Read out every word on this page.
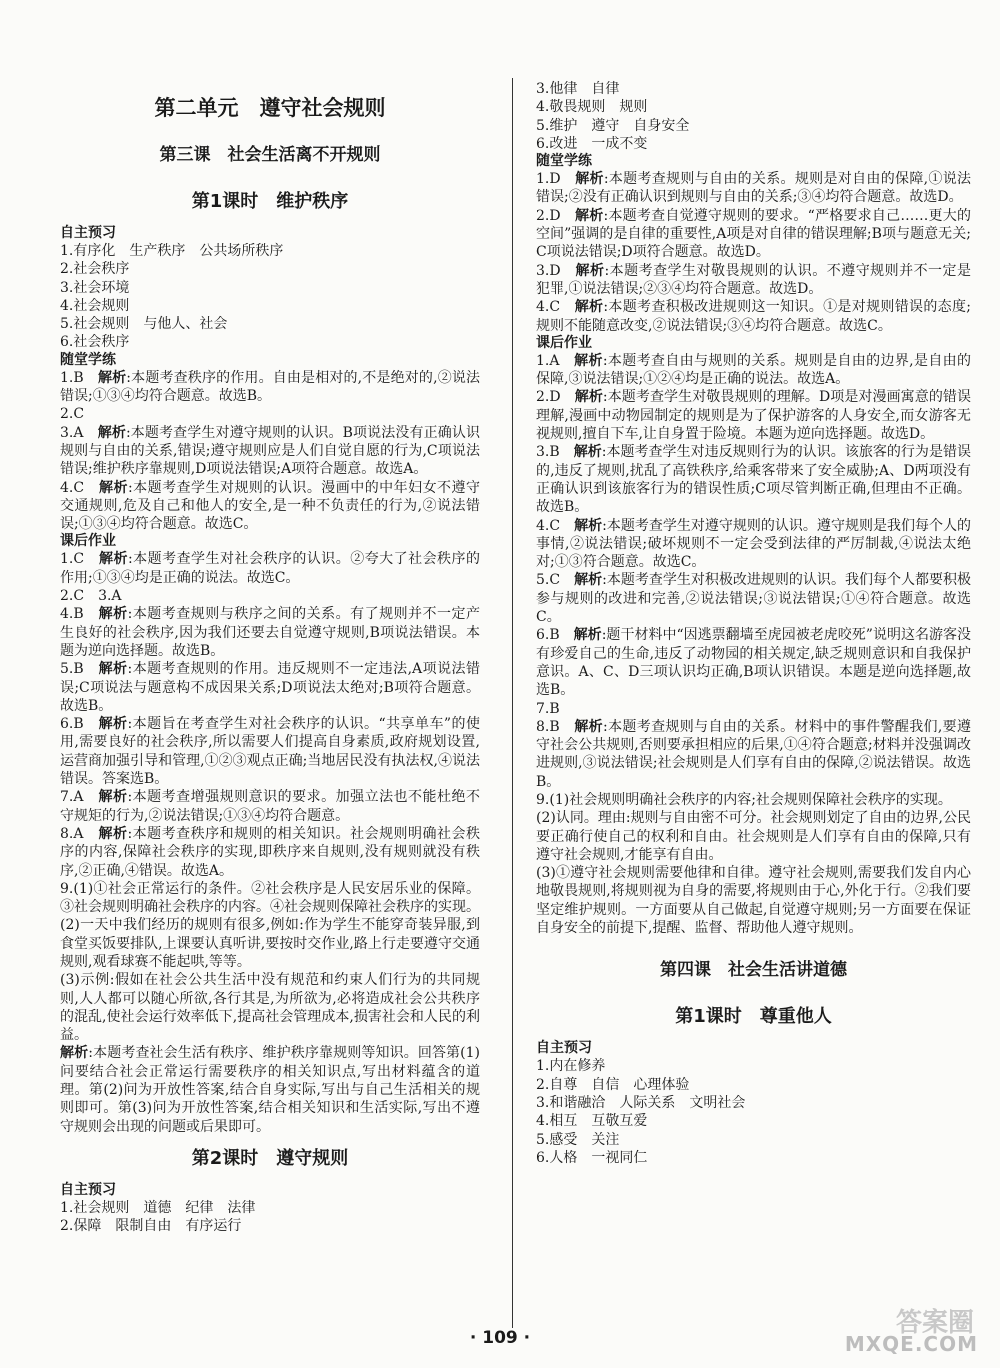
第二单元　遵守社会规则
第三课　社会生活离不开规则
第1课时　维护秩序
自主预习
1.有序化　生产秩序　公共场所秩序
2.社会秩序
3.社会环境
4.社会规则
5.社会规则　与他人、社会
6.社会秩序
随堂学练
1.B　解析:本题考查秩序的作用。自由是相对的,不是绝对的,②说法错误;①③④均符合题意。故选B。
2.C
3.A　解析:本题考查学生对遵守规则的认识。B项说法没有正确认识规则与自由的关系,错误;遵守规则应是人们自觉自愿的行为,C项说法错误;维护秩序靠规则,D项说法错误;A项符合题意。故选A。
4.C　解析:本题考查学生对规则的认识。漫画中的中年妇女不遵守交通规则,危及自己和他人的安全,是一种不负责任的行为,②说法错误;①③④均符合题意。故选C。
课后作业
1.C　解析:本题考查学生对社会秩序的认识。②夸大了社会秩序的作用;①③④均是正确的说法。故选C。
2.C　3.A
4.B　解析:本题考查规则与秩序之间的关系。有了规则并不一定产生良好的社会秩序,因为我们还要去自觉遵守规则,B项说法错误。本题为逆向选择题。故选B。
5.B　解析:本题考查规则的作用。违反规则不一定违法,A项说法错误;C项说法与题意构不成因果关系;D项说法太绝对;B项符合题意。故选B。
6.B　解析:本题旨在考查学生对社会秩序的认识。“共享单车”的使用,需要良好的社会秩序,所以需要人们提高自身素质,政府规划设置,运营商加强引导和管理,①②③观点正确;当地居民没有执法权,④说法错误。答案选B。
7.A　解析:本题考查增强规则意识的要求。加强立法也不能杜绝不守规矩的行为,②说法错误;①③④均符合题意。
8.A　解析:本题考查秩序和规则的相关知识。社会规则明确社会秩序的内容,保障社会秩序的实现,即秩序来自规则,没有规则就没有秩序,②正确,④错误。故选A。
9.(1)①社会正常运行的条件。②社会秩序是人民安居乐业的保障。③社会规则明确社会秩序的内容。④社会规则保障社会秩序的实现。
(2)一天中我们经历的规则有很多,例如:作为学生不能穿奇装异服,到食堂买饭要排队,上课要认真听讲,要按时交作业,路上行走要遵守交通规则,观看球赛不能起哄,等等。
(3)示例:假如在社会公共生活中没有规范和约束人们行为的共同规则,人人都可以随心所欲,各行其是,为所欲为,必将造成社会公共秩序的混乱,使社会运行效率低下,提高社会管理成本,损害社会和人民的利益。
解析:本题考查社会生活有秩序、维护秩序靠规则等知识。回答第(1)问要结合社会正常运行需要秩序的相关知识点,写出材料蕴含的道理。第(2)问为开放性答案,结合自身实际,写出与自己生活相关的规则即可。第(3)问为开放性答案,结合相关知识和生活实际,写出不遵守规则会出现的问题或后果即可。
第2课时　遵守规则
自主预习
1.社会规则　道德　纪律　法律
2.保障　限制自由　有序运行
3.他律　自律
4.敬畏规则　规则
5.维护　遵守　自身安全
6.改进　一成不变
随堂学练
1.D　解析:本题考查规则与自由的关系。规则是对自由的保障,①说法错误;②没有正确认识到规则与自由的关系;③④均符合题意。故选D。
2.D　解析:本题考查自觉遵守规则的要求。“严格要求自己……更大的空间”强调的是自律的重要性,A项是对自律的错误理解;B项与题意无关;C项说法错误;D项符合题意。故选D。
3.D　解析:本题考查学生对敬畏规则的认识。不遵守规则并不一定是犯罪,①说法错误;②③④均符合题意。故选D。
4.C　解析:本题考查积极改进规则这一知识。①是对规则错误的态度;规则不能随意改变,②说法错误;③④均符合题意。故选C。
课后作业
1.A　解析:本题考查自由与规则的关系。规则是自由的边界,是自由的保障,③说法错误;①②④均是正确的说法。故选A。
2.D　解析:本题考查学生对敬畏规则的理解。D项是对漫画寓意的错误理解,漫画中动物园制定的规则是为了保护游客的人身安全,而女游客无视规则,擅自下车,让自身置于险境。本题为逆向选择题。故选D。
3.B　解析:本题考查学生对违反规则行为的认识。该旅客的行为是错误的,违反了规则,扰乱了高铁秩序,给乘客带来了安全威胁;A、D两项没有正确认识到该旅客行为的错误性质;C项尽管判断正确,但理由不正确。故选B。
4.C　解析:本题考查学生对遵守规则的认识。遵守规则是我们每个人的事情,②说法错误;破坏规则不一定会受到法律的严厉制裁,④说法太绝对;①③符合题意。故选C。
5.C　解析:本题考查学生对积极改进规则的认识。我们每个人都要积极参与规则的改进和完善,②说法错误;③说法错误;①④符合题意。故选C。
6.B　解析:题干材料中“因逃票翻墙至虎园被老虎咬死”说明这名游客没有珍爱自己的生命,违反了动物园的相关规定,缺乏规则意识和自我保护意识。A、C、D三项认识均正确,B项认识错误。本题是逆向选择题,故选B。
7.B
8.B　解析:本题考查规则与自由的关系。材料中的事件警醒我们,要遵守社会公共规则,否则要承担相应的后果,①④符合题意;材料并没强调改进规则,③说法错误;社会规则是人们享有自由的保障,②说法错误。故选B。
9.(1)社会规则明确社会秩序的内容;社会规则保障社会秩序的实现。
(2)认同。理由:规则与自由密不可分。社会规则划定了自由的边界,公民要正确行使自己的权利和自由。社会规则是人们享有自由的保障,只有遵守社会规则,才能享有自由。
(3)①遵守社会规则需要他律和自律。遵守社会规则,需要我们发自内心地敬畏规则,将规则视为自身的需要,将规则由于心,外化于行。②我们要坚定维护规则。一方面要从自己做起,自觉遵守规则;另一方面要在保证自身安全的前提下,提醒、监督、帮助他人遵守规则。
第四课　社会生活讲道德
第1课时　尊重他人
自主预习
1.内在修养
2.自尊　自信　心理体验
3.和谐融洽　人际关系　文明社会
4.相互　互敬互爱
5.感受　关注
6.人格　一视同仁
· 109 ·	答案圈
MXQE.COM
